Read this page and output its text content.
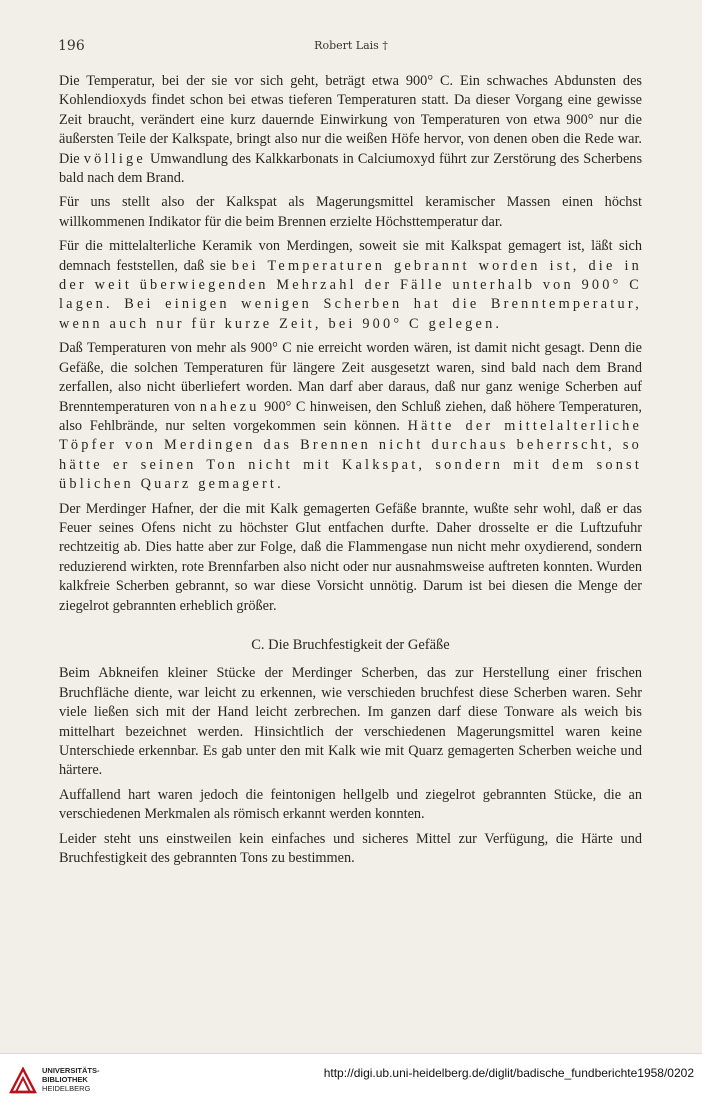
196	Robert Lais †

Die Temperatur, bei der sie vor sich geht, beträgt etwa 900° C. Ein schwaches Abdunsten des Kohlendioxyds findet schon bei etwas tieferen Temperaturen statt. Da dieser Vorgang eine gewisse Zeit braucht, verändert eine kurz dauernde Einwirkung von Temperaturen von etwa 900° nur die äußersten Teile der Kalkspate, bringt also nur die weißen Höfe hervor, von denen oben die Rede war. Die völlige Umwandlung des Kalkkarbonats in Calciumoxyd führt zur Zerstörung des Scherbens bald nach dem Brand.

Für uns stellt also der Kalkspat als Magerungsmittel keramischer Massen einen höchst willkommenen Indikator für die beim Brennen erzielte Höchsttemperatur dar.

Für die mittelalterliche Keramik von Merdingen, soweit sie mit Kalkspat gemagert ist, läßt sich demnach feststellen, daß sie bei Temperaturen gebrannt worden ist, die in der weit überwiegenden Mehrzahl der Fälle unterhalb von 900° C lagen. Bei einigen wenigen Scherben hat die Brenntemperatur, wenn auch nur für kurze Zeit, bei 900° C gelegen.

Daß Temperaturen von mehr als 900° C nie erreicht worden wären, ist damit nicht gesagt. Denn die Gefäße, die solchen Temperaturen für längere Zeit ausgesetzt waren, sind bald nach dem Brand zerfallen, also nicht überliefert worden. Man darf aber daraus, daß nur ganz wenige Scherben auf Brenntemperaturen von nahezu 900° C hinweisen, den Schluß ziehen, daß höhere Temperaturen, also Fehlbrände, nur selten vorgekommen sein können. Hätte der mittelalterliche Töpfer von Merdingen das Brennen nicht durchaus beherrscht, so hätte er seinen Ton nicht mit Kalkspat, sondern mit dem sonst üblichen Quarz gemagert.

Der Merdinger Hafner, der die mit Kalk gemagerten Gefäße brannte, wußte sehr wohl, daß er das Feuer seines Ofens nicht zu höchster Glut entfachen durfte. Daher drosselte er die Luftzufuhr rechtzeitig ab. Dies hatte aber zur Folge, daß die Flammengase nun nicht mehr oxydierend, sondern reduzierend wirkten, rote Brennfarben also nicht oder nur ausnahmsweise auftreten konnten. Wurden kalkfreie Scherben gebrannt, so war diese Vorsicht unnötig. Darum ist bei diesen die Menge der ziegelrot gebrannten erheblich größer.

C. Die Bruchfestigkeit der Gefäße

Beim Abkneifen kleiner Stücke der Merdinger Scherben, das zur Herstellung einer frischen Bruchfläche diente, war leicht zu erkennen, wie verschieden bruchfest diese Scherben waren. Sehr viele ließen sich mit der Hand leicht zerbrechen. Im ganzen darf diese Tonware als weich bis mittelhart bezeichnet werden. Hinsichtlich der verschiedenen Magerungsmittel waren keine Unterschiede erkennbar. Es gab unter den mit Kalk wie mit Quarz gemagerten Scherben weiche und härtere.

Auffallend hart waren jedoch die feintonigen hellgelb und ziegelrot gebrannten Stücke, die an verschiedenen Merkmalen als römisch erkannt werden konnten.

Leider steht uns einstweilen kein einfaches und sicheres Mittel zur Verfügung, die Härte und Bruchfestigkeit des gebrannten Tons zu bestimmen.

UNIVERSITÄTS-
BIBLIOTHEK
HEIDELBERG
http://digi.ub.uni-heidelberg.de/diglit/badische_fundberichte1958/0202
